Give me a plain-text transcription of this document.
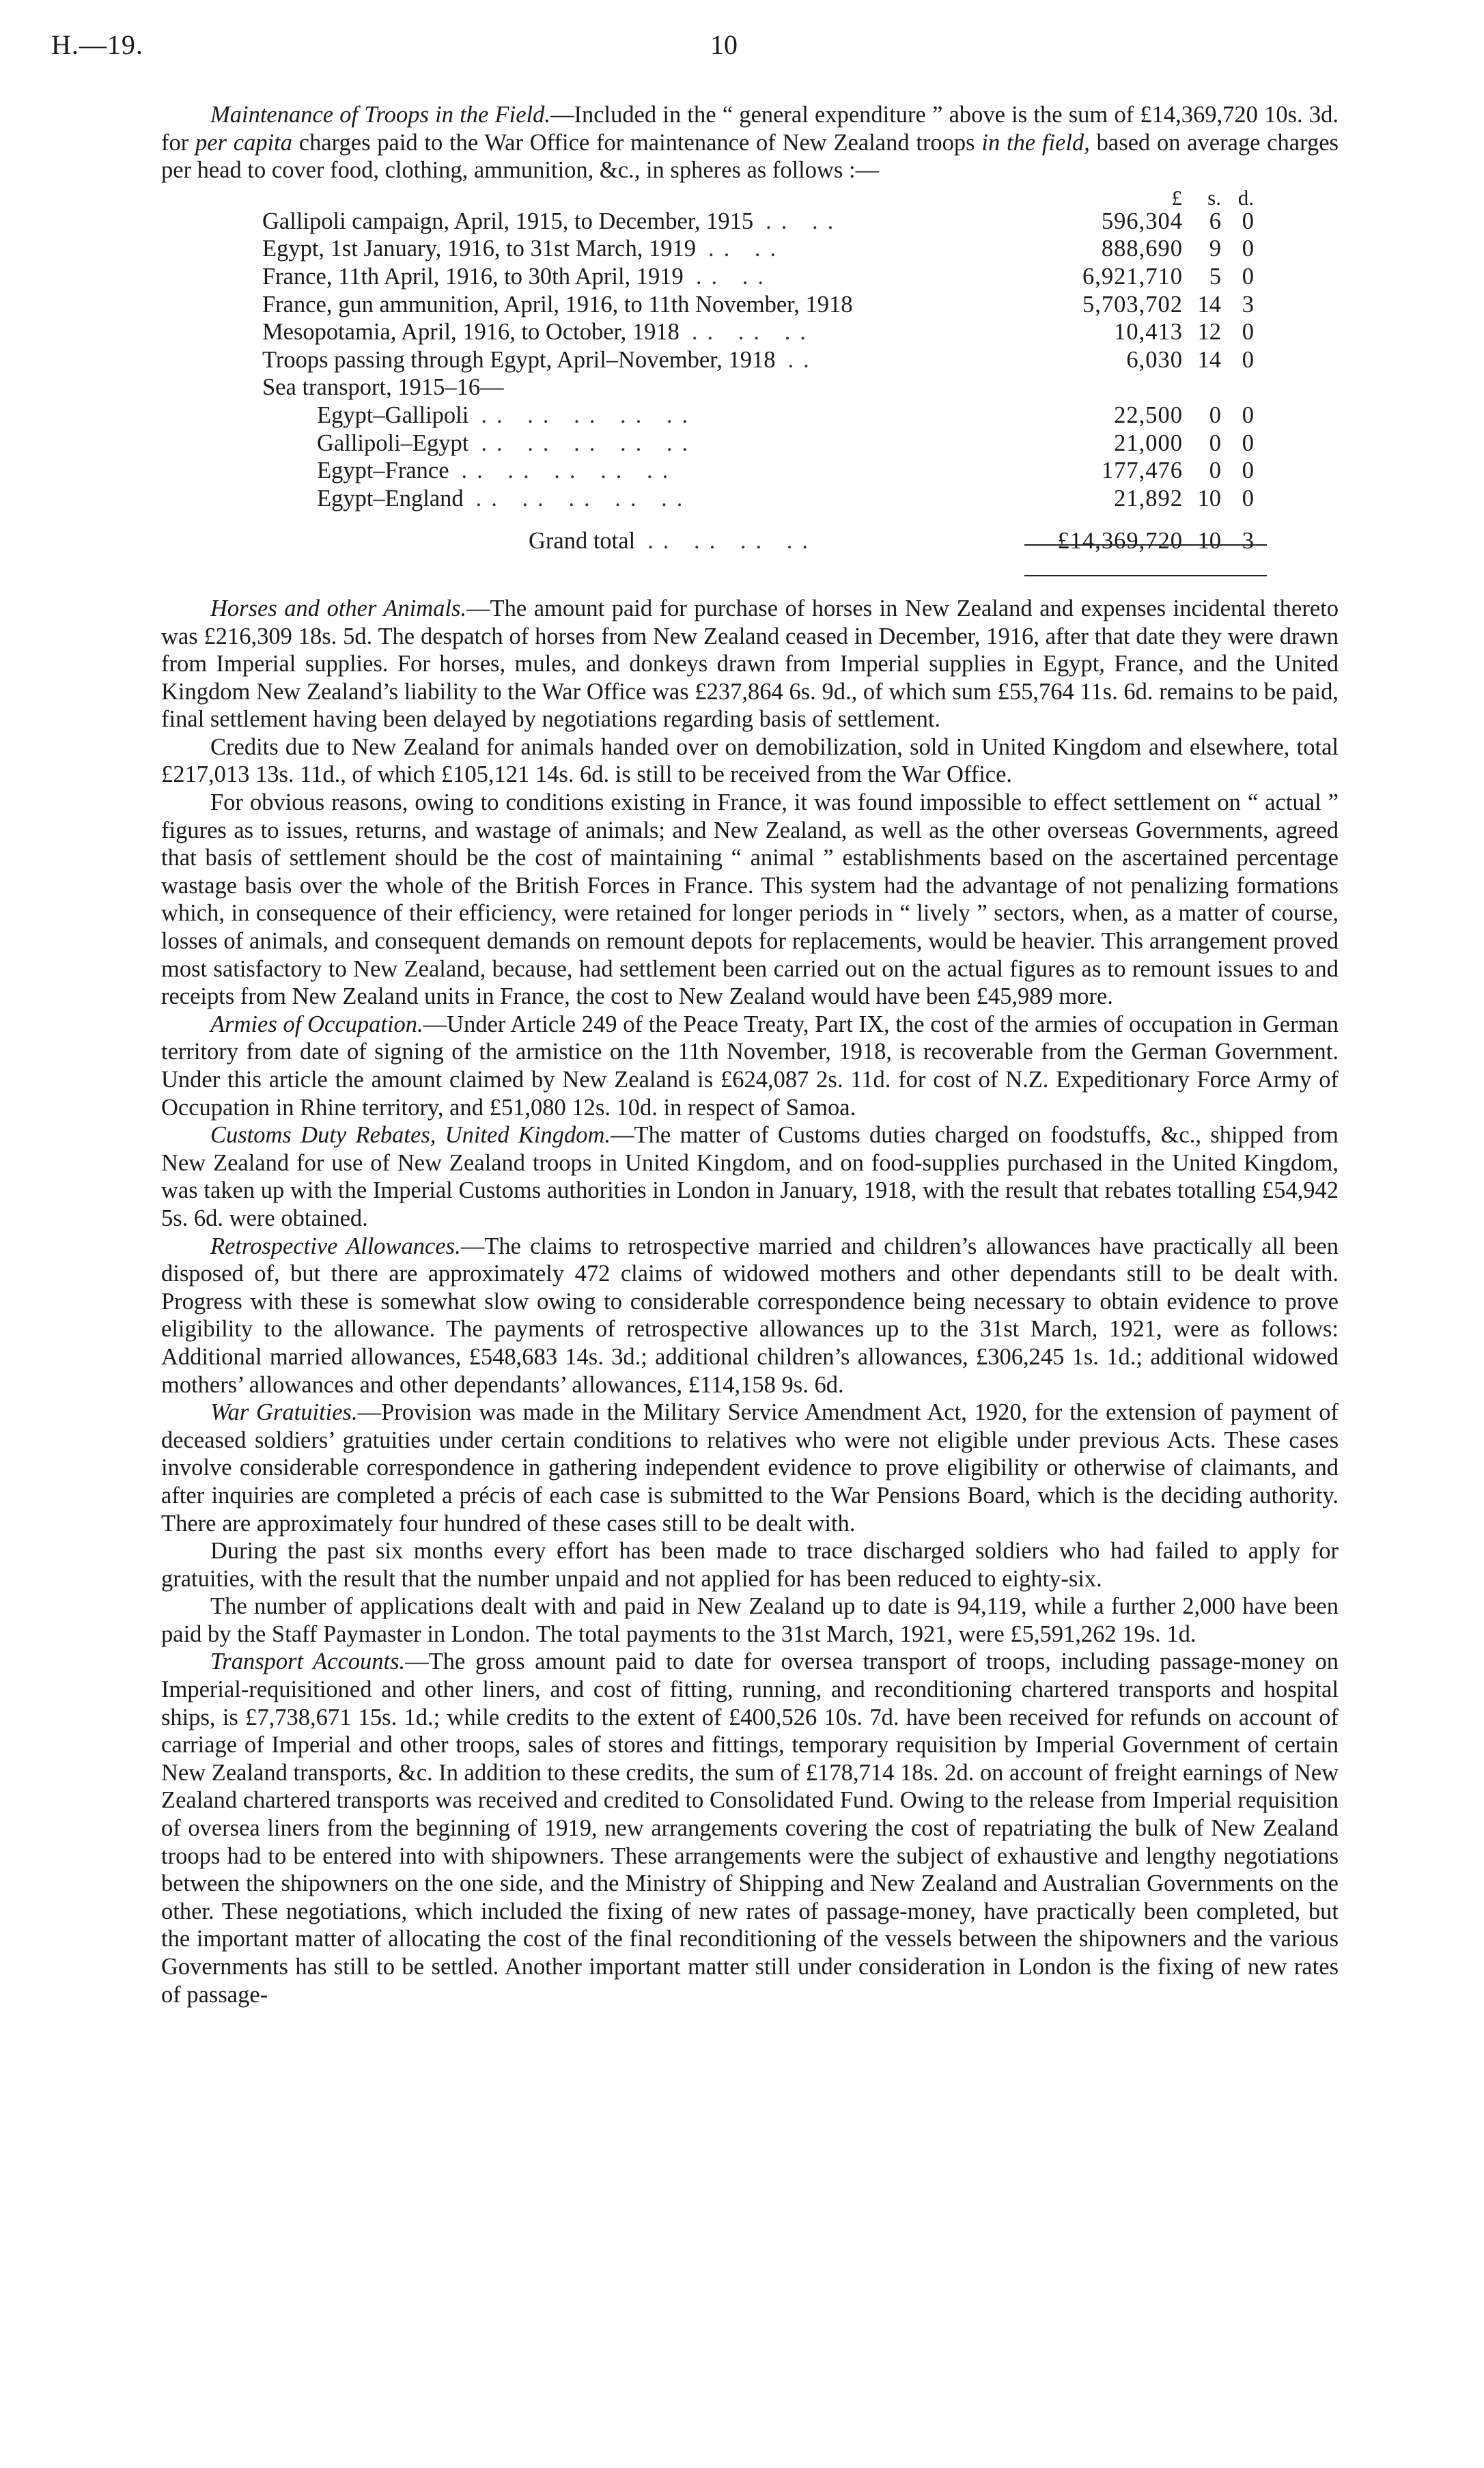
H.—19.	10

Maintenance of Troops in the Field.—Included in the “ general expenditure ” above is the sum of £14,369,720 10s. 3d. for per capita charges paid to the War Office for maintenance of New Zealand troops in the field, based on average charges per head to cover food, clothing, ammunition, &c., in spheres as follows :—

£	s. d.
Gallipoli campaign, April, 1915, to December, 1915 .. ..	596,304	6 0
Egypt, 1st January, 1916, to 31st March, 1919 .. ..	888,690	9 0
France, 11th April, 1916, to 30th April, 1919 .. ..	6,921,710	5 0
France, gun ammunition, April, 1916, to 11th November, 1918	5,703,702 14 3
Mesopotamia, April, 1916, to October, 1918 .. .. ..	10,413 12 0
Troops passing through Egypt, April–November, 1918 ..	6,030 14 0
Sea transport, 1915–16—
Egypt–Gallipoli .. .. .. .. ..	22,500	0 0
Gallipoli–Egypt .. .. .. .. ..	21,000	0 0
Egypt–France .. .. .. .. ..	177,476	0 0
Egypt–England .. .. .. .. ..	21,892 10 0
Grand total .. .. .. ..	£14,369,720 10 3

Horses and other Animals.—The amount paid for purchase of horses in New Zealand and expenses incidental thereto was £216,309 18s. 5d. The despatch of horses from New Zealand ceased in December, 1916, after that date they were drawn from Imperial supplies. For horses, mules, and donkeys drawn from Imperial supplies in Egypt, France, and the United Kingdom New Zealand’s liability to the War Office was £237,864 6s. 9d., of which sum £55,764 11s. 6d. remains to be paid, final settlement having been delayed by negotiations regarding basis of settlement.

Credits due to New Zealand for animals handed over on demobilization, sold in United Kingdom and elsewhere, total £217,013 13s. 11d., of which £105,121 14s. 6d. is still to be received from the War Office.

For obvious reasons, owing to conditions existing in France, it was found impossible to effect settlement on “ actual ” figures as to issues, returns, and wastage of animals; and New Zealand, as well as the other overseas Governments, agreed that basis of settlement should be the cost of maintaining “ animal ” establishments based on the ascertained percentage wastage basis over the whole of the British Forces in France. This system had the advantage of not penalizing formations which, in consequence of their efficiency, were retained for longer periods in “ lively ” sectors, when, as a matter of course, losses of animals, and consequent demands on remount depots for replacements, would be heavier. This arrangement proved most satisfactory to New Zealand, because, had settlement been carried out on the actual figures as to remount issues to and receipts from New Zealand units in France, the cost to New Zealand would have been £45,989 more.

Armies of Occupation.—Under Article 249 of the Peace Treaty, Part IX, the cost of the armies of occupation in German territory from date of signing of the armistice on the 11th November, 1918, is recoverable from the German Government. Under this article the amount claimed by New Zealand is £624,087 2s. 11d. for cost of N.Z. Expeditionary Force Army of Occupation in Rhine territory, and £51,080 12s. 10d. in respect of Samoa.

Customs Duty Rebates, United Kingdom.—The matter of Customs duties charged on foodstuffs, &c., shipped from New Zealand for use of New Zealand troops in United Kingdom, and on food-supplies purchased in the United Kingdom, was taken up with the Imperial Customs authorities in London in January, 1918, with the result that rebates totalling £54,942 5s. 6d. were obtained.

Retrospective Allowances.—The claims to retrospective married and children’s allowances have practically all been disposed of, but there are approximately 472 claims of widowed mothers and other dependants still to be dealt with. Progress with these is somewhat slow owing to considerable correspondence being necessary to obtain evidence to prove eligibility to the allowance. The payments of retrospective allowances up to the 31st March, 1921, were as follows: Additional married allowances, £548,683 14s. 3d.; additional children’s allowances, £306,245 1s. 1d.; additional widowed mothers’ allowances and other dependants’ allowances, £114,158 9s. 6d.

War Gratuities.—Provision was made in the Military Service Amendment Act, 1920, for the extension of payment of deceased soldiers’ gratuities under certain conditions to relatives who were not eligible under previous Acts. These cases involve considerable correspondence in gathering independent evidence to prove eligibility or otherwise of claimants, and after inquiries are completed a précis of each case is submitted to the War Pensions Board, which is the deciding authority. There are approximately four hundred of these cases still to be dealt with.

During the past six months every effort has been made to trace discharged soldiers who had failed to apply for gratuities, with the result that the number unpaid and not applied for has been reduced to eighty-six.

The number of applications dealt with and paid in New Zealand up to date is 94,119, while a further 2,000 have been paid by the Staff Paymaster in London. The total payments to the 31st March, 1921, were £5,591,262 19s. 1d.

Transport Accounts.—The gross amount paid to date for oversea transport of troops, including passage-money on Imperial-requisitioned and other liners, and cost of fitting, running, and reconditioning chartered transports and hospital ships, is £7,738,671 15s. 1d.; while credits to the extent of £400,526 10s. 7d. have been received for refunds on account of carriage of Imperial and other troops, sales of stores and fittings, temporary requisition by Imperial Government of certain New Zealand transports, &c. In addition to these credits, the sum of £178,714 18s. 2d. on account of freight earnings of New Zealand chartered transports was received and credited to Consolidated Fund. Owing to the release from Imperial requisition of oversea liners from the beginning of 1919, new arrangements covering the cost of repatriating the bulk of New Zealand troops had to be entered into with shipowners. These arrangements were the subject of exhaustive and lengthy negotiations between the shipowners on the one side, and the Ministry of Shipping and New Zealand and Australian Governments on the other. These negotiations, which included the fixing of new rates of passage-money, have practically been completed, but the important matter of allocating the cost of the final reconditioning of the vessels between the shipowners and the various Governments has still to be settled. Another important matter still under consideration in London is the fixing of new rates of passage-
